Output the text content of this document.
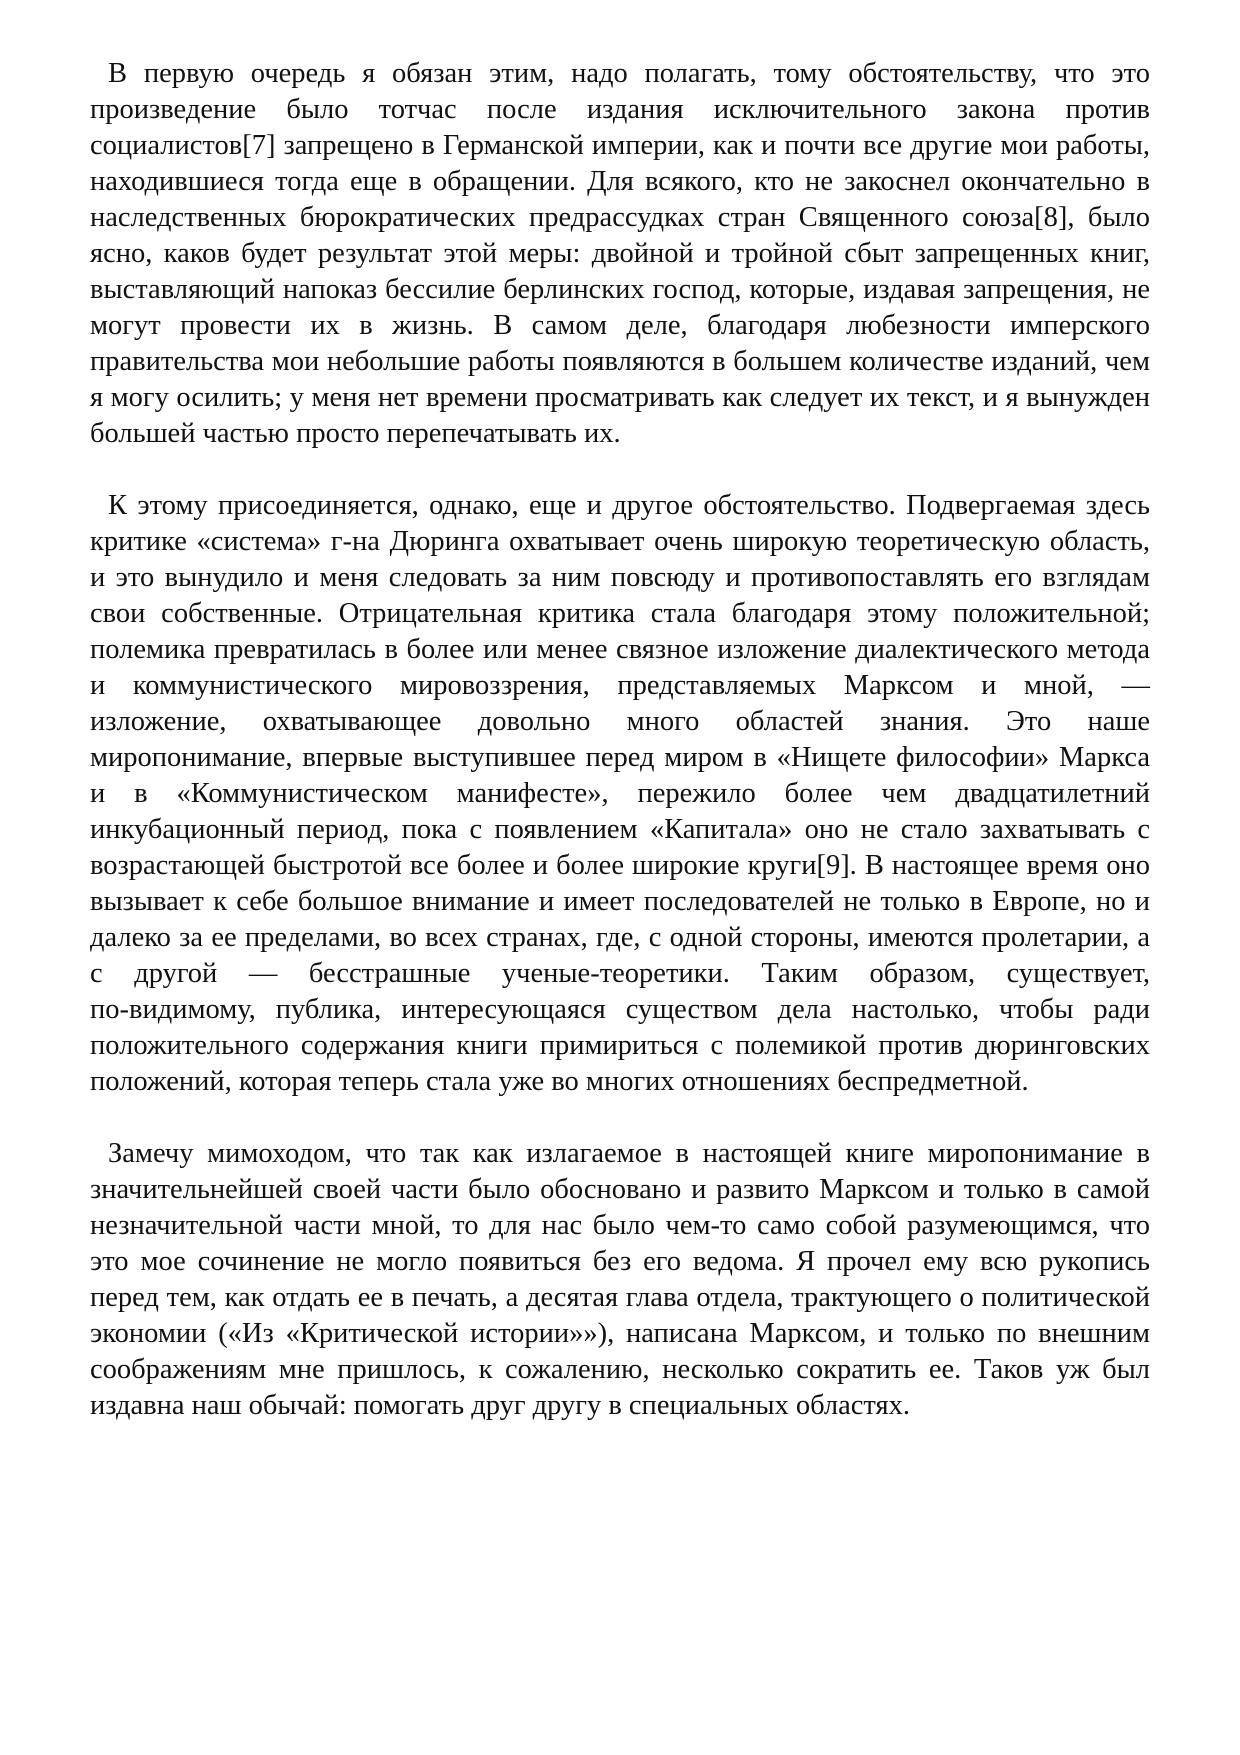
В первую очередь я обязан этим, надо полагать, тому обстоятельству, что это произведение было тотчас после издания исключительного закона против социалистов[7] запрещено в Германской империи, как и почти все другие мои работы, находившиеся тогда еще в обращении. Для всякого, кто не закоснел окончательно в наследственных бюрократических предрассудках стран Священного союза[8], было ясно, каков будет результат этой меры: двойной и тройной сбыт запрещенных книг, выставляющий напоказ бессилие берлинских господ, которые, издавая запрещения, не могут провести их в жизнь. В самом деле, благодаря любезности имперского правительства мои небольшие работы появляются в большем количестве изданий, чем я могу осилить; у меня нет времени просматривать как следует их текст, и я вынужден большей частью просто перепечатывать их.

К этому присоединяется, однако, еще и другое обстоятельство. Подвергаемая здесь критике «система» г‑на Дюринга охватывает очень широкую теоретическую область, и это вынудило и меня следовать за ним повсюду и противопоставлять его взглядам свои собственные. Отрицательная критика стала благодаря этому положительной; полемика превратилась в более или менее связное изложение диалектического метода и коммунистического мировоззрения, представляемых Марксом и мной, — изложение, охватывающее довольно много областей знания. Это наше миропонимание, впервые выступившее перед миром в «Нищете философии» Маркса и в «Коммунистическом манифесте», пережило более чем двадцатилетний инкубационный период, пока с появлением «Капитала» оно не стало захватывать с возрастающей быстротой все более и более широкие круги[9]. В настоящее время оно вызывает к себе большое внимание и имеет последователей не только в Европе, но и далеко за ее пределами, во всех странах, где, с одной стороны, имеются пролетарии, а с другой — бесстрашные ученые‑теоретики. Таким образом, существует, по‑видимому, публика, интересующаяся существом дела настолько, чтобы ради положительного содержания книги примириться с полемикой против дюринговских положений, которая теперь стала уже во многих отношениях беспредметной.

Замечу мимоходом, что так как излагаемое в настоящей книге миропонимание в значительнейшей своей части было обосновано и развито Марксом и только в самой незначительной части мной, то для нас было чем‑то само собой разумеющимся, что это мое сочинение не могло появиться без его ведома. Я прочел ему всю рукопись перед тем, как отдать ее в печать, а десятая глава отдела, трактующего о политической экономии («Из «Критической истории»»), написана Марксом, и только по внешним соображениям мне пришлось, к сожалению, несколько сократить ее. Таков уж был издавна наш обычай: помогать друг другу в специальных областях.
